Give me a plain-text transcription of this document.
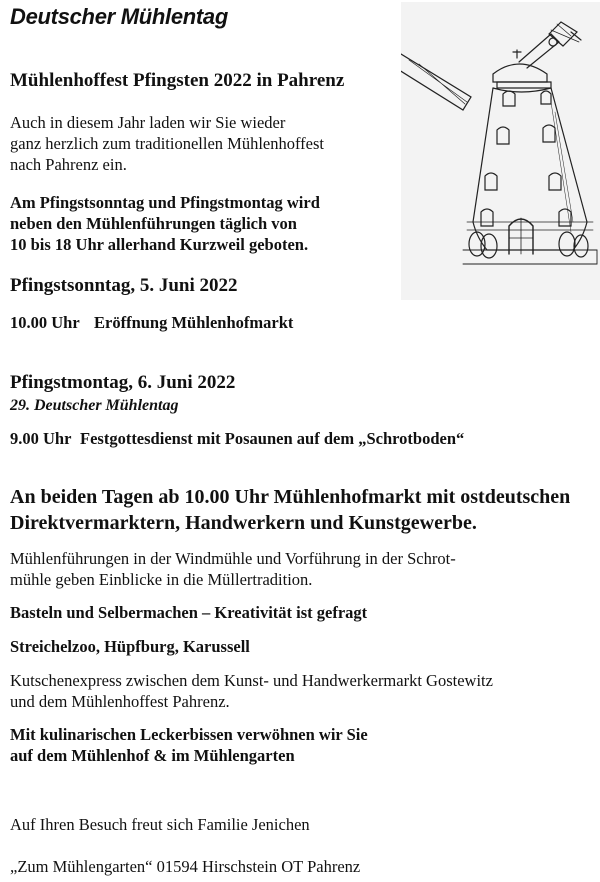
Deutscher Mühlentag

Mühlenhoffest Pfingsten 2022 in Pahrenz

Auch in diesem Jahr laden wir Sie wieder
ganz herzlich zum traditionellen Mühlenhoffest
nach Pahrenz ein.
Am Pfingstsonntag und Pfingstmontag wird
neben den Mühlenführungen täglich von
10 bis 18 Uhr allerhand Kurzweil geboten.

Pfingstsonntag, 5. Juni 2022

10.00 Uhr Eröffnung Mühlenhofmarkt

Pfingstmontag, 6. Juni 2022

29. Deutscher Mühlentag

9.00 Uhr Festgottesdienst mit Posaunen auf dem „Schrotboden“
An beiden Tagen ab 10.00 Uhr Mühlenhofmarkt mit ostdeutschen
Direktvermarktern, Handwerkern und Kunstgewerbe.
Mühlenführungen in der Windmühle und Vorführung in der Schrot-
mühle geben Einblicke in die Müllertradition.

Basteln und Selbermachen – Kreativität ist gefragt

Streichelzoo, Hüpfburg, Karussell

Kutschenexpress zwischen dem Kunst- und Handwerkermarkt Gostewitz
und dem Mühlenhoffest Pahrenz.
Mit kulinarischen Leckerbissen verwöhnen wir Sie
auf dem Mühlenhof & im Mühlengarten

Auf Ihren Besuch freut sich Familie Jenichen

„Zum Mühlengarten“ 01594 Hirschstein OT Pahrenz
